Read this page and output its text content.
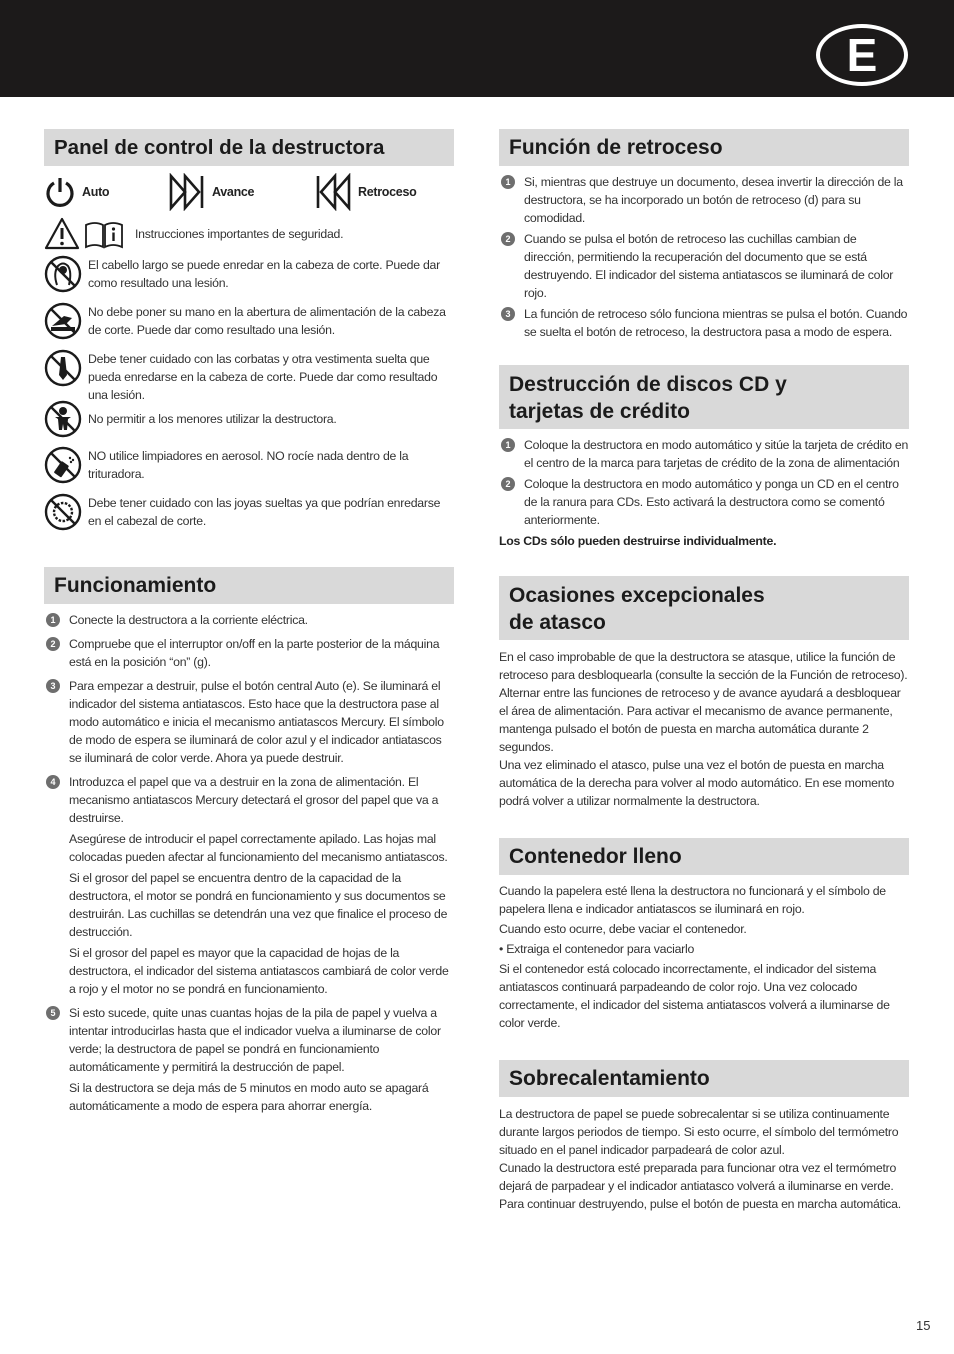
E
Panel de control de la destructora
Auto	Avance	Retroceso
Instrucciones importantes de seguridad.

El cabello largo se puede enredar en la cabeza de corte. Puede dar como resultado una lesión.

No debe poner su mano en la abertura de alimentación de la cabeza de corte. Puede dar como resultado una lesión.

Debe tener cuidado con las corbatas y otra vestimenta suelta que pueda enredarse en la cabeza de corte. Puede dar como resultado una lesión.

No permitir a los menores utilizar la destructora.

NO utilice limpiadores en aerosol. NO rocíe nada dentro de la trituradora.

Debe tener cuidado con las joyas sueltas ya que podrían enredarse en el cabezal de corte.

Funcionamiento
1	Conecte la destructora a la corriente eléctrica.

2	Compruebe que el interruptor on/off en la parte posterior de la máquina está en la posición “on” (g).

3	Para empezar a destruir, pulse el botón central Auto (e). Se iluminará el indicador del sistema antiatascos. Esto hace que la destructora pase al modo automático e inicia el mecanismo antiatascos Mercury. El símbolo de modo de espera se iluminará de color azul y el indicador antiatascos se iluminará de color verde. Ahora ya puede destruir.

4	Introduzca el papel que va a destruir en la zona de alimentación. El mecanismo antiatascos Mercury detectará el grosor del papel que va a destruirse.

Asegúrese de introducir el papel correctamente apilado. Las hojas mal colocadas pueden afectar al funcionamiento del mecanismo antiatascos.

Si el grosor del papel se encuentra dentro de la capacidad de la destructora, el motor se pondrá en funcionamiento y sus documentos se destruirán. Las cuchillas se detendrán una vez que finalice el proceso de destrucción.

Si el grosor del papel es mayor que la capacidad de hojas de la destructora, el indicador del sistema antiatascos cambiará de color verde a rojo y el motor no se pondrá en funcionamiento.

5	Si esto sucede, quite unas cuantas hojas de la pila de papel y vuelva a intentar introducirlas hasta que el indicador vuelva a iluminarse de color verde; la destructora de papel se pondrá en funcionamiento automáticamente y permitirá la destrucción de papel.

Si la destructora se deja más de 5 minutos en modo auto se apagará automáticamente a modo de espera para ahorrar energía.

Función de retroceso
1	Si, mientras que destruye un documento, desea invertir la dirección de la destructora, se ha incorporado un botón de retroceso (d) para su comodidad.

2	Cuando se pulsa el botón de retroceso las cuchillas cambian de dirección, permitiendo la recuperación del documento que se está destruyendo. El indicador del sistema antiatascos se iluminará de color rojo.

3	La función de retroceso sólo funciona mientras se pulsa el botón. Cuando se suelta el botón de retroceso, la destructora pasa a modo de espera.

Destrucción de discos CD y
tarjetas de crédito
1	Coloque la destructora en modo automático y sitúe la tarjeta de crédito en el centro de la marca para tarjetas de crédito de la zona de alimentación

2	Coloque la destructora en modo automático y ponga un CD en el centro de la ranura para CDs. Esto activará la destructora como se comentó anteriormente.

Los CDs sólo pueden destruirse individualmente.

Ocasiones excepcionales
de atasco

En el caso improbable de que la destructora se atasque, utilice la función de retroceso para desbloquearla (consulte la sección de la Función de retroceso).

Alternar entre las funciones de retroceso y de avance ayudará a desbloquear el área de alimentación. Para activar el mecanismo de avance permanente, mantenga pulsado el botón de puesta en marcha automática durante 2 segundos.

Una vez eliminado el atasco, pulse una vez el botón de puesta en marcha automática de la derecha para volver al modo automático. En ese momento podrá volver a utilizar normalmente la destructora.

Contenedor lleno

Cuando la papelera esté llena la destructora no funcionará y el símbolo de papelera llena e indicador antiatascos se iluminará en rojo.

Cuando esto ocurre, debe vaciar el contenedor.

• Extraiga el contenedor para vaciarlo

Si el contenedor está colocado incorrectamente, el indicador del sistema antiatascos continuará parpadeando de color rojo. Una vez colocado correctamente, el indicador del sistema antiatascos volverá a iluminarse de color verde.

Sobrecalentamiento

La destructora de papel se puede sobrecalentar si se utiliza continuamente durante largos periodos de tiempo. Si esto ocurre, el símbolo del termómetro situado en el panel indicador parpadeará de color azul.

Cunado la destructora esté preparada para funcionar otra vez el termómetro dejará de parpadear y el indicador antiatasco volverá a iluminarse en verde. Para continuar destruyendo, pulse el botón de puesta en marcha automática.

15
